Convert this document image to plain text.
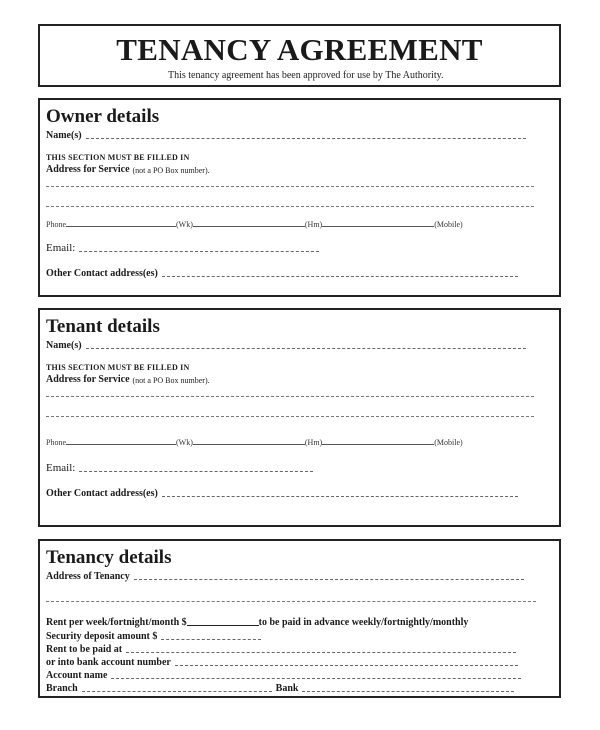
TENANCY AGREEMENT
This tenancy agreement has been approved for use by The Authority.
Owner details
Name(s)
THIS SECTION MUST BE FILLED IN
Address for Service (not a PO Box number).
Phone	(Wk)	(Hm)	(Mobile)
Email:
Other Contact address(es)
Tenant details
Name(s)
THIS SECTION MUST BE FILLED IN
Address for Service (not a PO Box number).
Phone	(Wk)	(Hm)	(Mobile)
Email:
Other Contact address(es)
Tenancy details
Address of Tenancy
Rent per week/fortnight/month $	to be paid in advance weekly/fortnightly/monthly
Security deposit amount $
Rent to be paid at
or into bank account number
Account name
Branch	Bank
